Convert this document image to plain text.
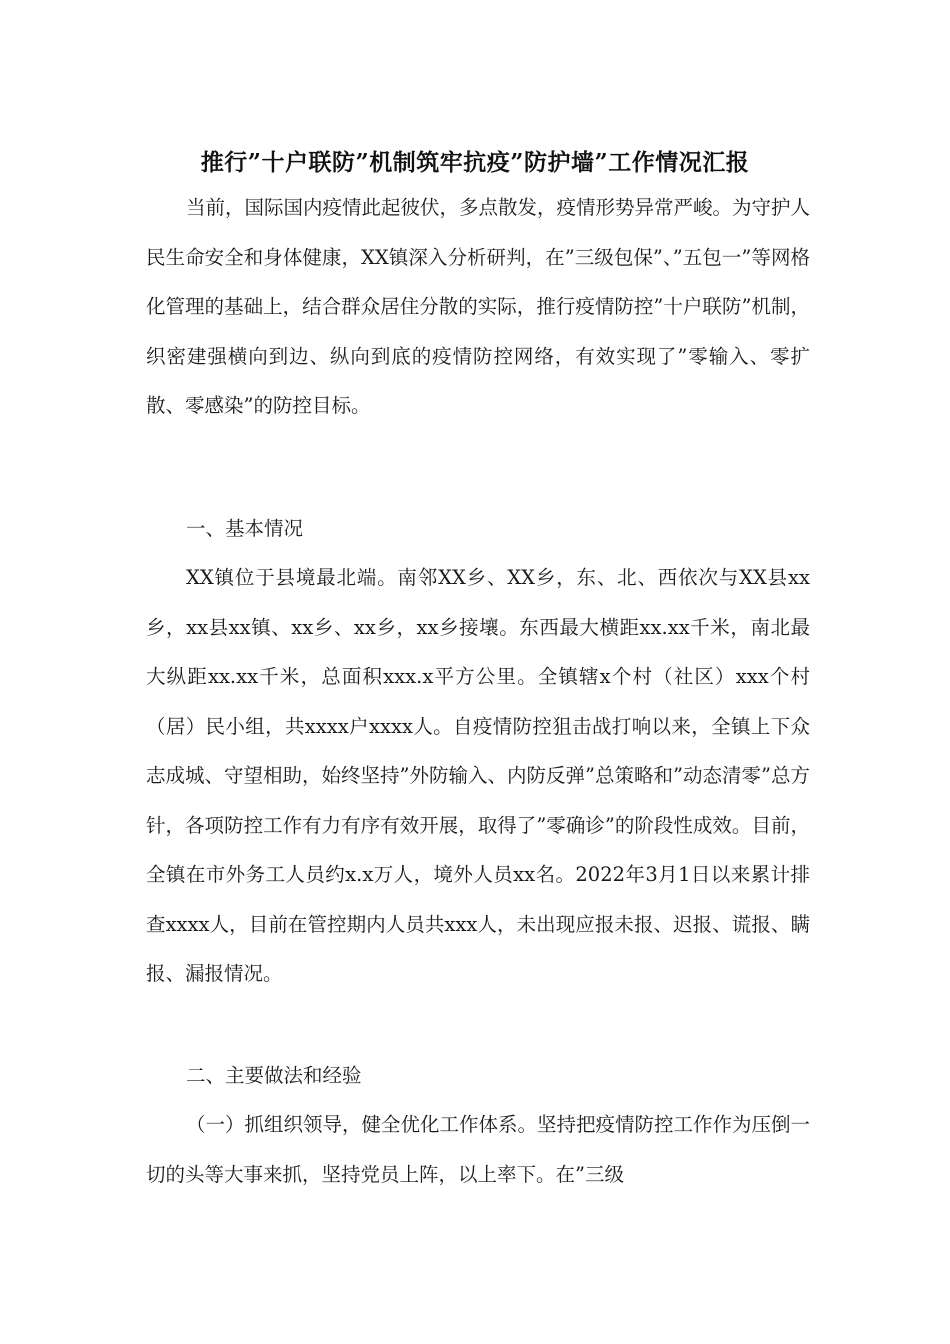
推行”十户联防”机制筑牢抗疫”防护墙”工作情况汇报

当前，国际国内疫情此起彼伏，多点散发，疫情形势异常严峻。为守护人民生命安全和身体健康，XX镇深入分析研判，在”三级包保”、”五包一”等网格化管理的基础上，结合群众居住分散的实际，推行疫情防控”十户联防”机制，织密建强横向到边、纵向到底的疫情防控网络，有效实现了”零输入、零扩散、零感染”的防控目标。

一、基本情况

XX镇位于县境最北端。南邻XX乡、XX乡，东、北、西依次与XX县xx乡，xx县xx镇、xx乡、xx乡，xx乡接壤。东西最大横距xx.xx千米，南北最大纵距xx.xx千米，总面积xxx.x平方公里。全镇辖x个村（社区）xxx个村（居）民小组，共xxxx户xxxx人。自疫情防控狙击战打响以来，全镇上下众志成城、守望相助，始终坚持”外防输入、内防反弹”总策略和”动态清零”总方针，各项防控工作有力有序有效开展，取得了”零确诊”的阶段性成效。目前，全镇在市外务工人员约x.x万人，境外人员xx名。2022年3月1日以来累计排查xxxx人，目前在管控期内人员共xxx人，未出现应报未报、迟报、谎报、瞒报、漏报情况。

二、主要做法和经验

（一）抓组织领导，健全优化工作体系。坚持把疫情防控工作作为压倒一切的头等大事来抓，坚持党员上阵，以上率下。在”三级
